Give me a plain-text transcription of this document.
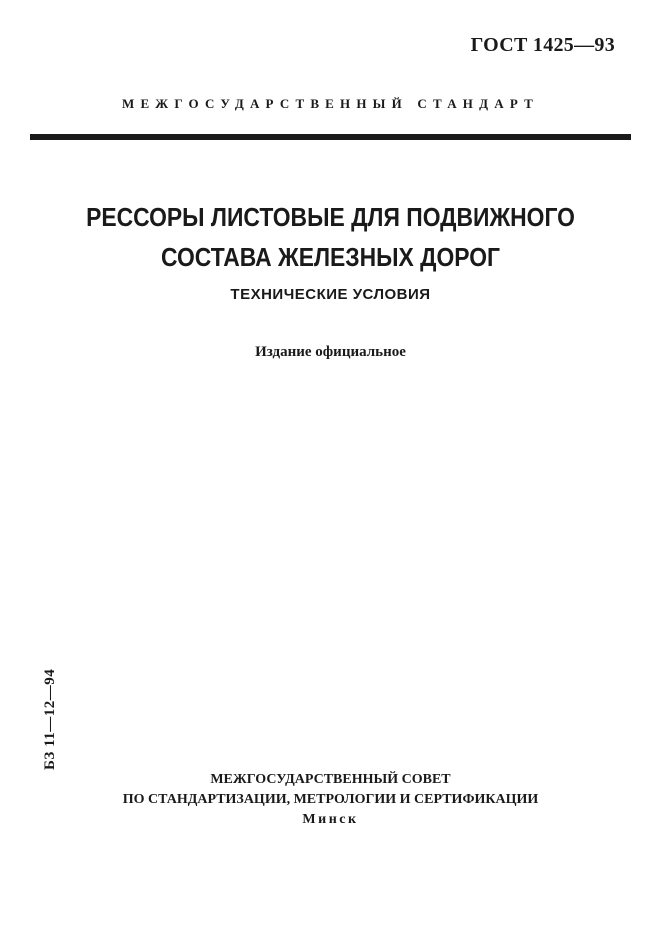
ГОСТ 1425—93
МЕЖГОСУДАРСТВЕННЫЙ СТАНДАРТ
РЕССОРЫ ЛИСТОВЫЕ ДЛЯ ПОДВИЖНОГО
СОСТАВА ЖЕЛЕЗНЫХ ДОРОГ
ТЕХНИЧЕСКИЕ УСЛОВИЯ
Издание официальное
БЗ 11—12—94
МЕЖГОСУДАРСТВЕННЫЙ СОВЕТ
ПО СТАНДАРТИЗАЦИИ, МЕТРОЛОГИИ И СЕРТИФИКАЦИИ
Минск
